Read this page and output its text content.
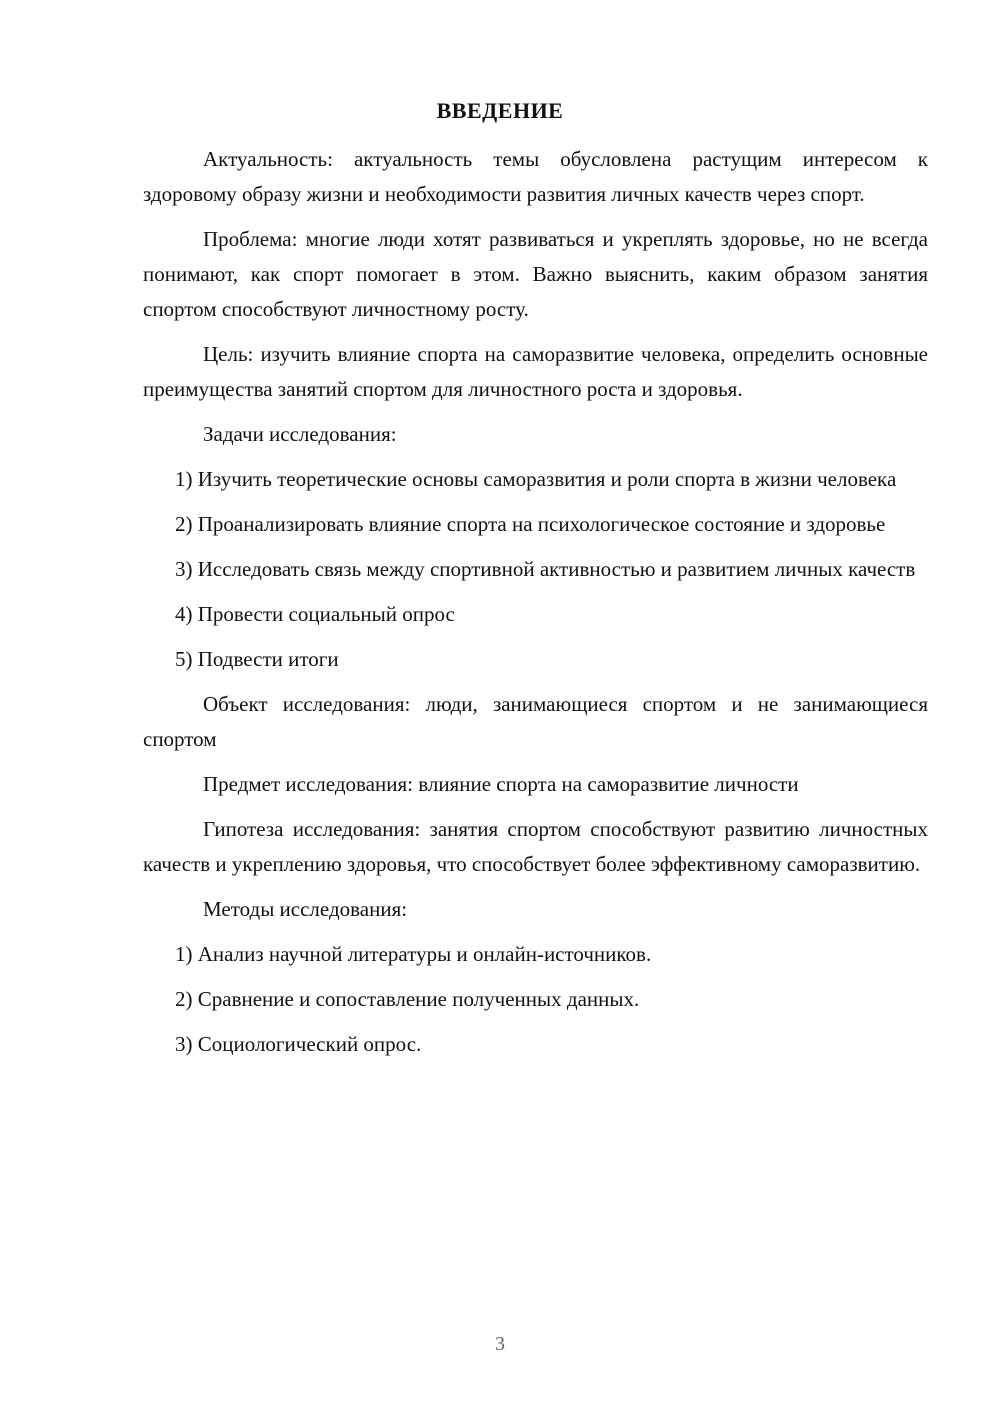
ВВЕДЕНИЕ

Актуальность: актуальность темы обусловлена растущим интересом к здоровому образу жизни и необходимости развития личных качеств через спорт.

Проблема: многие люди хотят развиваться и укреплять здоровье, но не всегда понимают, как спорт помогает в этом. Важно выяснить, каким образом занятия спортом способствуют личностному росту.

Цель: изучить влияние спорта на саморазвитие человека, определить основные преимущества занятий спортом для личностного роста и здоровья.

Задачи исследования:

1) Изучить теоретические основы саморазвития и роли спорта в жизни человека

2) Проанализировать влияние спорта на психологическое состояние и здоровье

3) Исследовать связь между спортивной активностью и развитием личных качеств

4) Провести социальный опрос

5) Подвести итоги

Объект исследования: люди, занимающиеся спортом и не занимающиеся спортом

Предмет исследования: влияние спорта на саморазвитие личности

Гипотеза исследования: занятия спортом способствуют развитию личностных качеств и укреплению здоровья, что способствует более эффективному саморазвитию.

Методы исследования:

1) Анализ научной литературы и онлайн-источников.

2) Сравнение и сопоставление полученных данных.

3) Социологический опрос.

3
